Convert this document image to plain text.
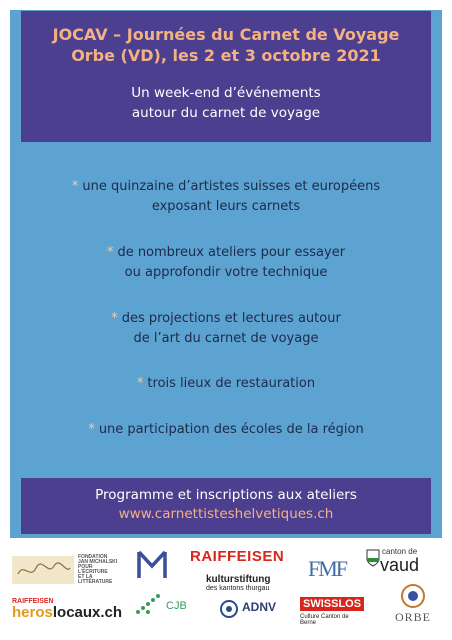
JOCAV – Journées du Carnet de Voyage
Orbe (VD), les 2 et 3 octobre 2021
Un week-end d’événements
autour du carnet de voyage
* une quinzaine d’artistes suisses et européens
exposant leurs carnets
* de nombreux ateliers pour essayer
ou approfondir votre technique
* des projections et lectures autour
de l’art du carnet de voyage
* trois lieux de restauration
* une participation des écoles de la région
Programme et inscriptions aux ateliers
www.carnettisteshelvetiques.ch
FONDATION
JAN MICHALSKI
POUR
L’ÉCRITURE
ET LA
LITTÉRATURE
RAIFFEISEN
kulturstiftung
des kantons thurgau
FMF
canton de
vaud
RAIFFEISEN
heroslocaux.ch	CJB	ADNV SWISSLOS
Culture Canton de Berne	ORBE
